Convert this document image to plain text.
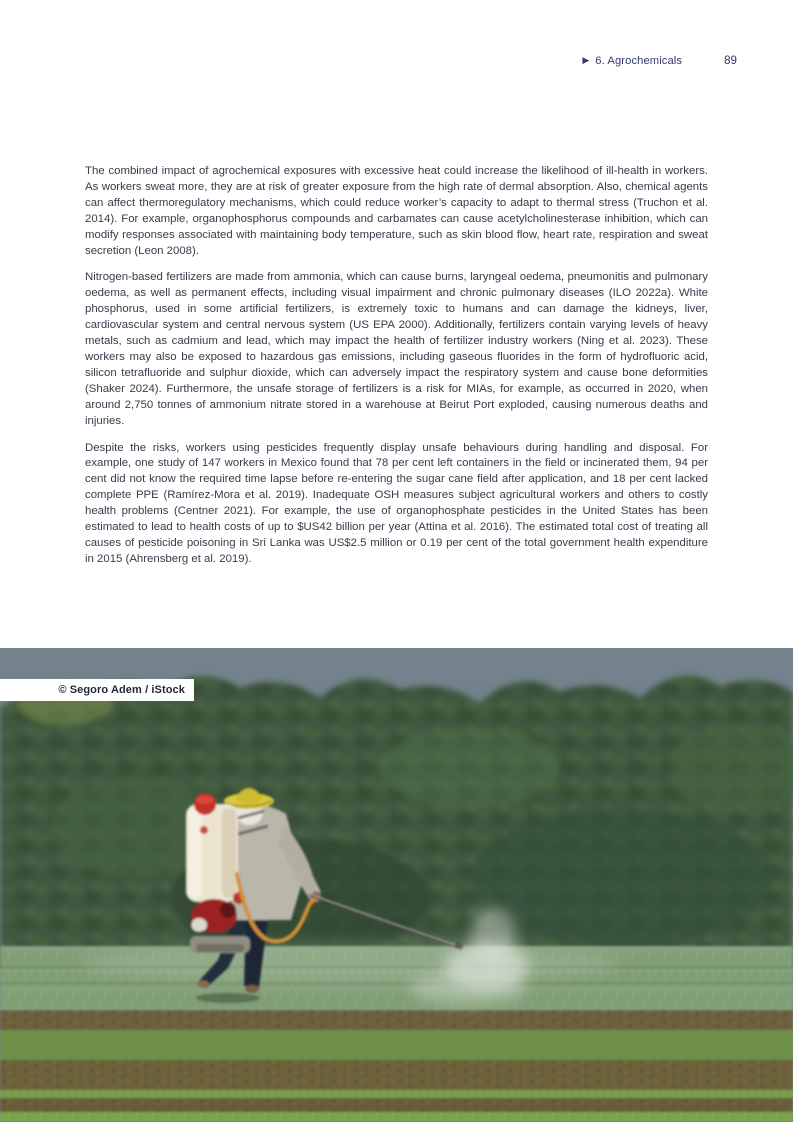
▶ 6. Agrochemicals	89

The combined impact of agrochemical exposures with excessive heat could increase the likelihood of ill-health in workers. As workers sweat more, they are at risk of greater exposure from the high rate of dermal absorption. Also, chemical agents can affect thermoregulatory mechanisms, which could reduce worker’s capacity to adapt to thermal stress (Truchon et al. 2014). For example, organophosphorus compounds and carbamates can cause acetylcholinesterase inhibition, which can modify responses associated with maintaining body temperature, such as skin blood flow, heart rate, respiration and sweat secretion (Leon 2008).

Nitrogen-based fertilizers are made from ammonia, which can cause burns, laryngeal oedema, pneumonitis and pulmonary oedema, as well as permanent effects, including visual impairment and chronic pulmonary diseases (ILO 2022a). White phosphorus, used in some artificial fertilizers, is extremely toxic to humans and can damage the kidneys, liver, cardiovascular system and central nervous system (US EPA 2000). Additionally, fertilizers contain varying levels of heavy metals, such as cadmium and lead, which may impact the health of fertilizer industry workers (Ning et al. 2023). These workers may also be exposed to hazardous gas emissions, including gaseous fluorides in the form of hydrofluoric acid, silicon tetrafluoride and sulphur dioxide, which can adversely impact the respiratory system and cause bone deformities (Shaker 2024). Furthermore, the unsafe storage of fertilizers is a risk for MIAs, for example, as occurred in 2020, when around 2,750 tonnes of ammonium nitrate stored in a warehouse at Beirut Port exploded, causing numerous deaths and injuries.

Despite the risks, workers using pesticides frequently display unsafe behaviours during handling and disposal. For example, one study of 147 workers in Mexico found that 78 per cent left containers in the field or incinerated them, 94 per cent did not know the required time lapse before re-entering the sugar cane field after application, and 18 per cent lacked complete PPE (Ramírez-Mora et al. 2019). Inadequate OSH measures subject agricultural workers and others to costly health problems (Centner 2021). For example, the use of organophosphate pesticides in the United States has been estimated to lead to health costs of up to $US42 billion per year (Attina et al. 2016). The estimated total cost of treating all causes of pesticide poisoning in Sri Lanka was US$2.5 million or 0.19 per cent of the total government health expenditure in 2015 (Ahrensberg et al. 2019).

© Segoro Adem / iStock
